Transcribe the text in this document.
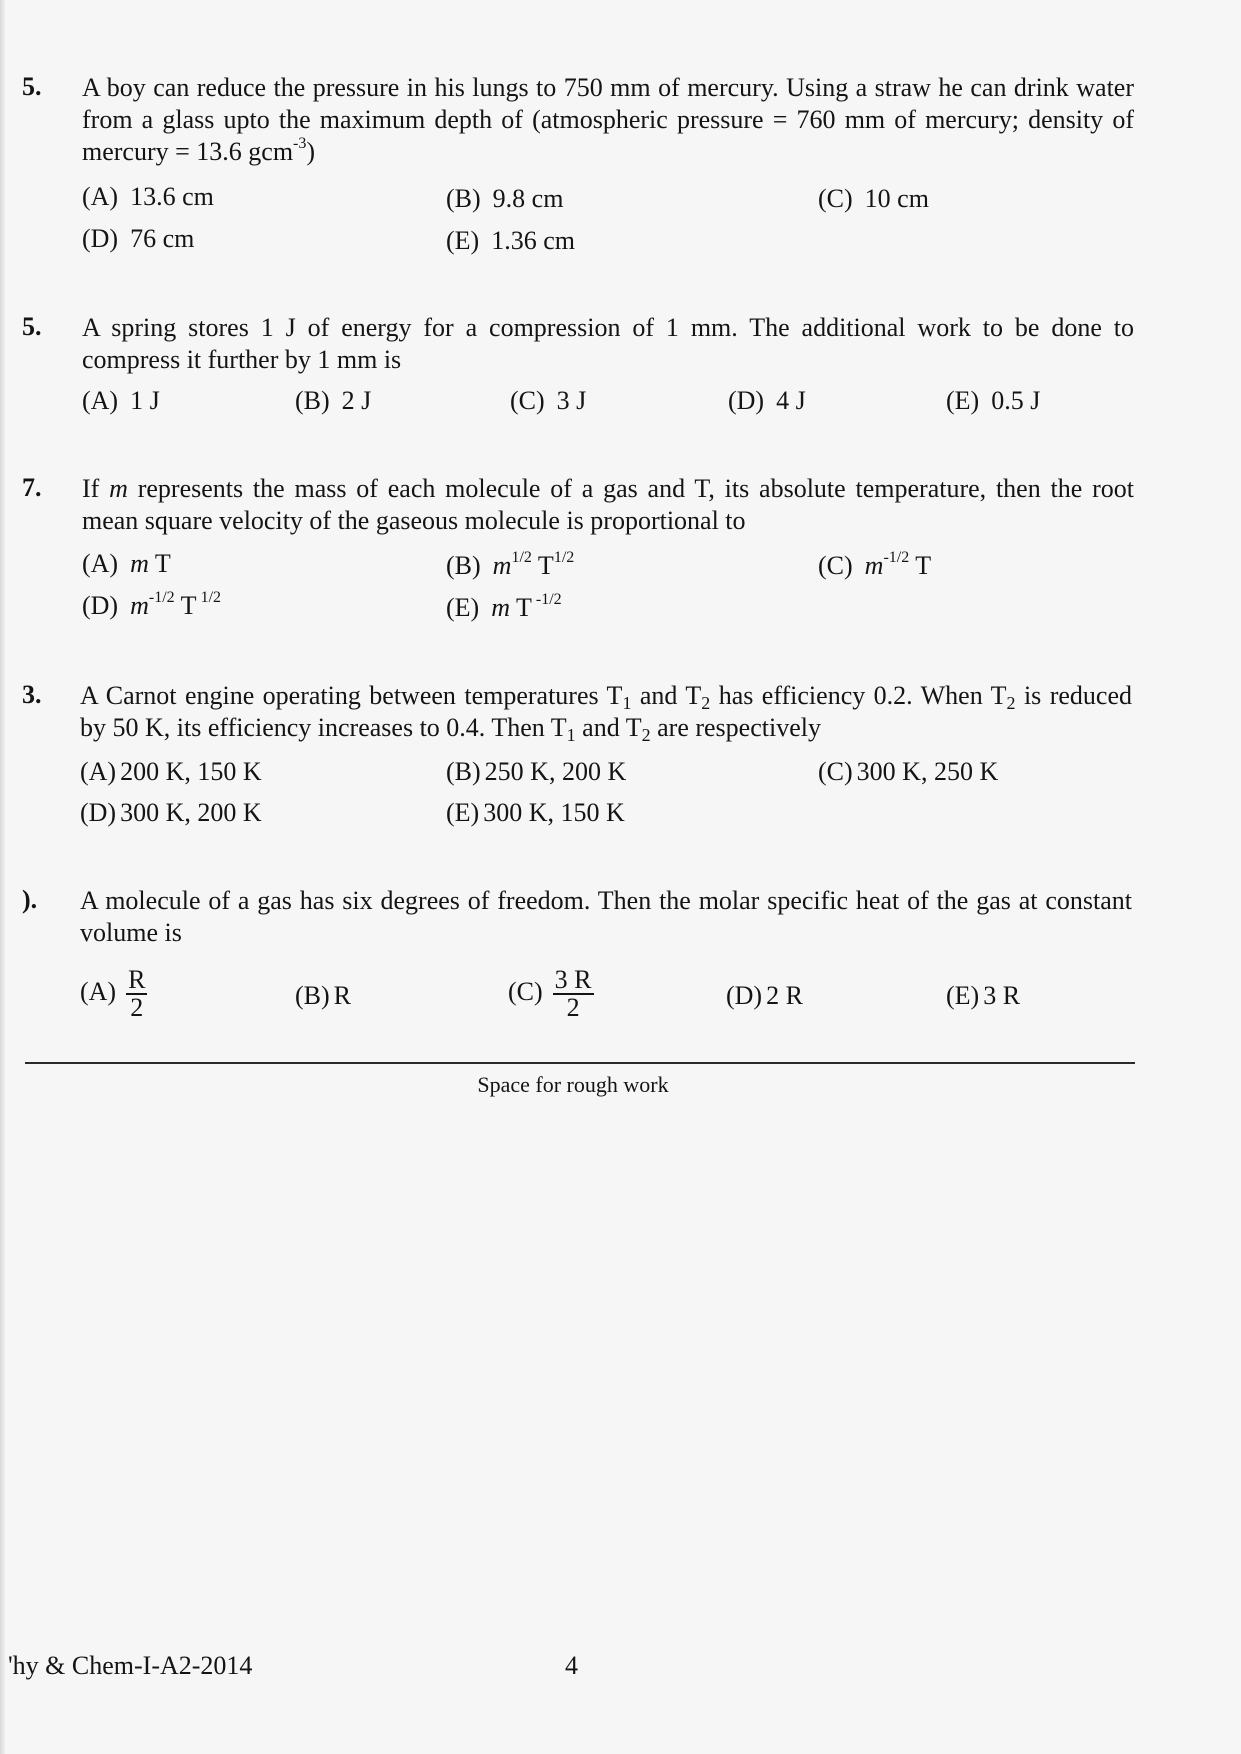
5. A boy can reduce the pressure in his lungs to 750 mm of mercury. Using a straw he can drink water from a glass upto the maximum depth of (atmospheric pressure = 760 mm of mercury; density of mercury = 13.6 gcm$^{-3}$)
(A) 13.6 cm	(B) 9.8 cm	(C) 10 cm
(D) 76 cm	(E) 1.36 cm
5. A spring stores 1 J of energy for a compression of 1 mm. The additional work to be done to compress it further by 1 mm is
(A) 1 J	(B) 2 J	(C) 3 J	(D) 4 J	(E) 0.5 J
7. If m represents the mass of each molecule of a gas and T, its absolute temperature, then the root mean square velocity of the gaseous molecule is proportional to
(A) m T	(B) $m^{1/2}$ $T^{1/2}$	(C) $m^{-1/2}$ T
(D) $m^{-1/2}$ T $^{1/2}$	(E) m T $^{-1/2}$
3. A Carnot engine operating between temperatures $T_1$ and $T_2$ has efficiency 0.2. When $T_2$ is reduced by 50 K, its efficiency increases to 0.4. Then $T_1$ and $T_2$ are respectively
(A) 200 K, 150 K	(B) 250 K, 200 K	(C) 300 K, 250 K
(D) 300 K, 200 K	(E) 300 K, 150 K
). A molecule of a gas has six degrees of freedom. Then the molar specific heat of the gas at constant volume is
$(A) \frac{R}{2}$	(B) R	$(C) \frac{3 R}{2}$	(D) 2 R	(E) 3 R
Space for rough work
'hy & Chem-I-A2-2014	4
